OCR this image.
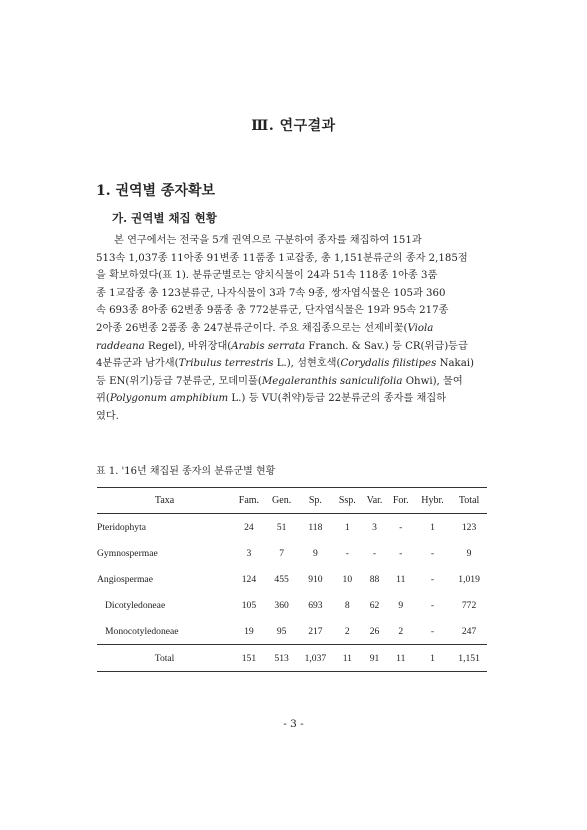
Ⅲ. 연구결과
1. 권역별 종자확보
가. 권역별 채집 현황
본 연구에서는 전국을 5개 권역으로 구분하여 종자를 채집하여 151과
513속 1,037종 11아종 91변종 11품종 1교잡종, 총 1,151분류군의 종자 2,185점
을 확보하였다(표 1). 분류군별로는 양치식물이 24과 51속 118종 1아종 3품
종 1교잡종 총 123분류군, 나자식물이 3과 7속 9종, 쌍자엽식물은 105과 360
속 693종 8아종 62변종 9품종 총 772분류군, 단자엽식물은 19과 95속 217종
2아종 26변종 2품종 총 247분류군이다. 주요 채집종으로는 선제비꽃(Viola
raddeana Regel), 바위장대(Arabis serrata Franch. & Sav.) 등 CR(위급)등급
4분류군과 남가새(Tribulus terrestris L.), 섬현호색(Corydalis filistipes Nakai)
등 EN(위기)등급 7분류군, 모데미풀(Megaleranthis saniculifolia Ohwi), 물여
뀌(Polygonum amphibium L.) 등 VU(취약)등급 22분류군의 종자를 채집하
였다.
표 1. '16년 채집된 종자의 분류군별 현황
Taxa	Fam.	Gen.	Sp.	Ssp.	Var.	For.	Hybr.	Total
Pteridophyta	24	51	118	1	3	-	1	123
Gymnospermae	3	7	9	-	-	-	-	9
Angiospermae	124	455	910	10	88	11	-	1,019
Dicotyledoneae	105	360	693	8	62	9	-	772
Monocotyledoneae	19	95	217	2	26	2	-	247
Total	151	513	1,037	11	91	11	1	1,151
- 3 -
